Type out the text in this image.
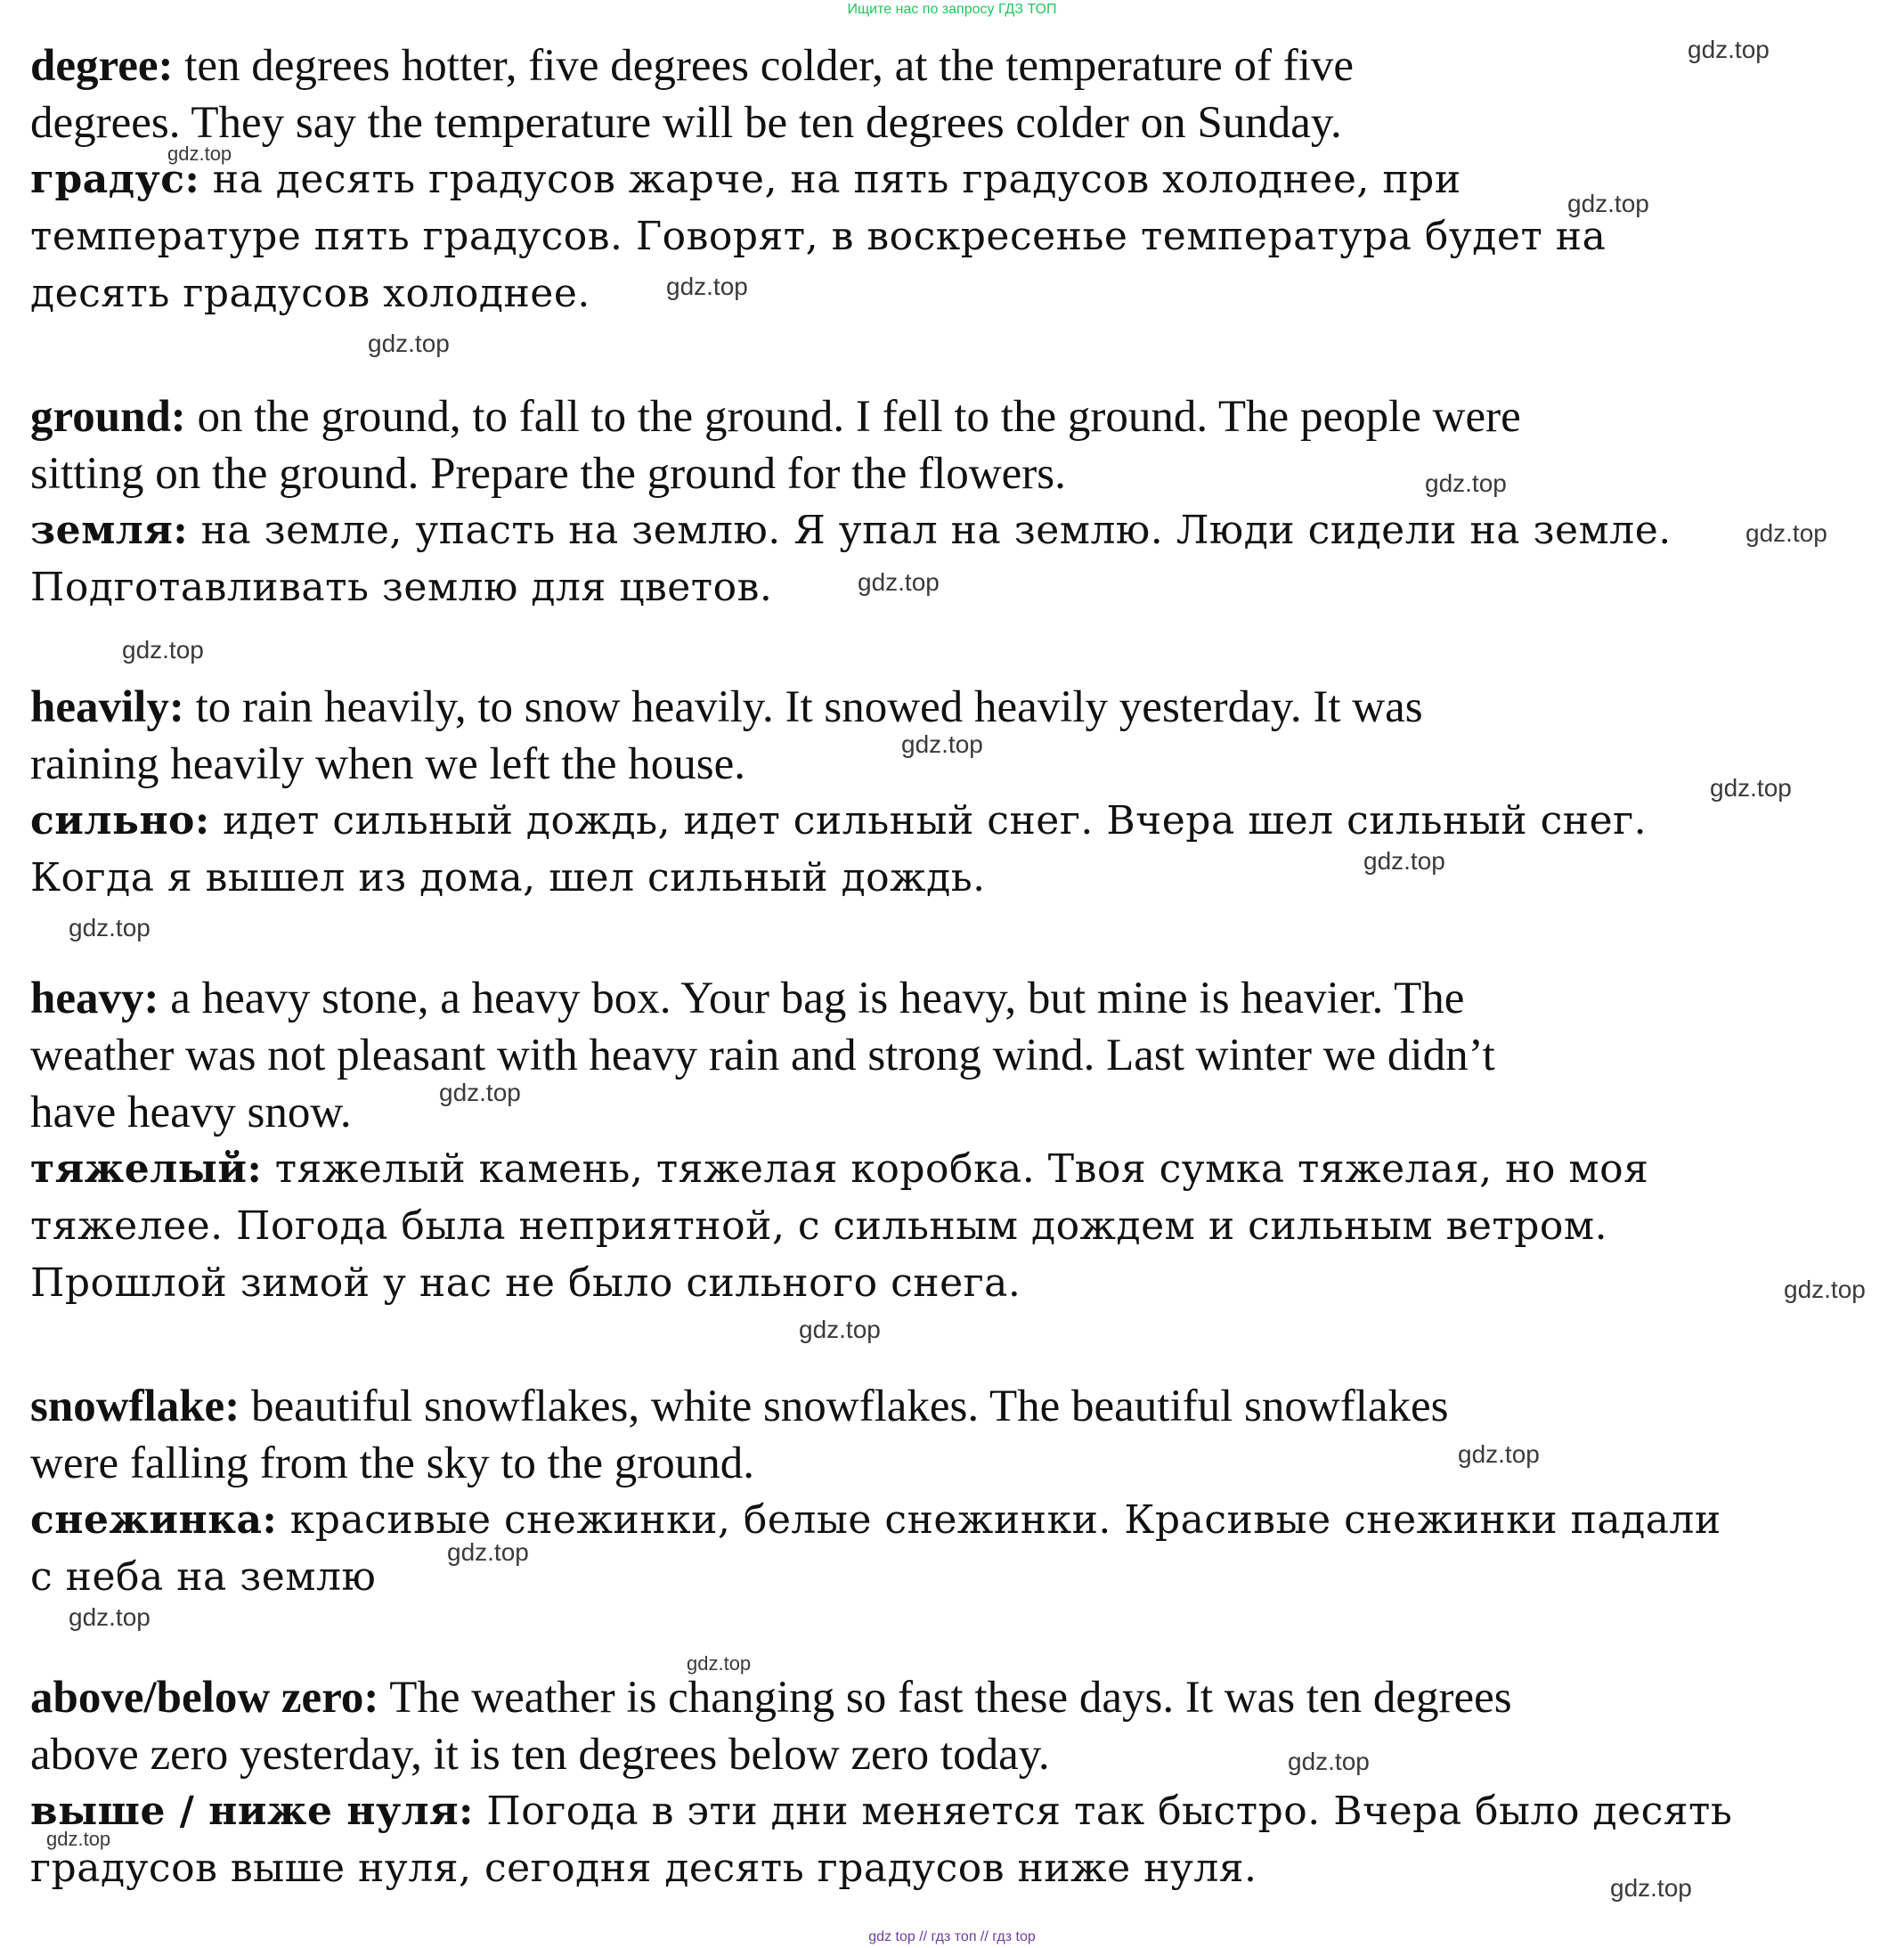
Ищите нас по запросу ГДЗ ТОП
degree: ten degrees hotter, five degrees colder, at the temperature of five
degrees. They say the temperature will be ten degrees colder on Sunday.
градус: на десять градусов жарче, на пять градусов холоднее, при
температуре пять градусов. Говорят, в воскресенье температура будет на
десять градусов холоднее.
ground: on the ground, to fall to the ground. I fell to the ground. The people were
sitting on the ground. Prepare the ground for the flowers.
земля: на земле, упасть на землю. Я упал на землю. Люди сидели на земле.
Подготавливать землю для цветов.
heavily: to rain heavily, to snow heavily. It snowed heavily yesterday. It was
raining heavily when we left the house.
сильно: идет сильный дождь, идет сильный снег. Вчера шел сильный снег.
Когда я вышел из дома, шел сильный дождь.
heavy: a heavy stone, a heavy box. Your bag is heavy, but mine is heavier. The
weather was not pleasant with heavy rain and strong wind. Last winter we didn’t
have heavy snow.
тяжелый: тяжелый камень, тяжелая коробка. Твоя сумка тяжелая, но моя
тяжелее. Погода была неприятной, с сильным дождем и сильным ветром.
Прошлой зимой у нас не было сильного снега.
snowflake: beautiful snowflakes, white snowflakes. The beautiful snowflakes
were falling from the sky to the ground.
снежинка: красивые снежинки, белые снежинки. Красивые снежинки падали
с неба на землю
above/below zero: The weather is changing so fast these days. It was ten degrees
above zero yesterday, it is ten degrees below zero today.
выше / ниже нуля: Погода в эти дни меняется так быстро. Вчера было десять
градусов выше нуля, сегодня десять градусов ниже нуля.
gdz.top
gdz.top
gdz.top
gdz.top
gdz.top
gdz.top
gdz.top
gdz.top
gdz.top
gdz.top
gdz.top
gdz.top
gdz.top
gdz.top
gdz.top
gdz.top
gdz.top
gdz.top
gdz.top
gdz.top
gdz.top
gdz.top
gdz.top
gdz top // гдз топ // гдз top
